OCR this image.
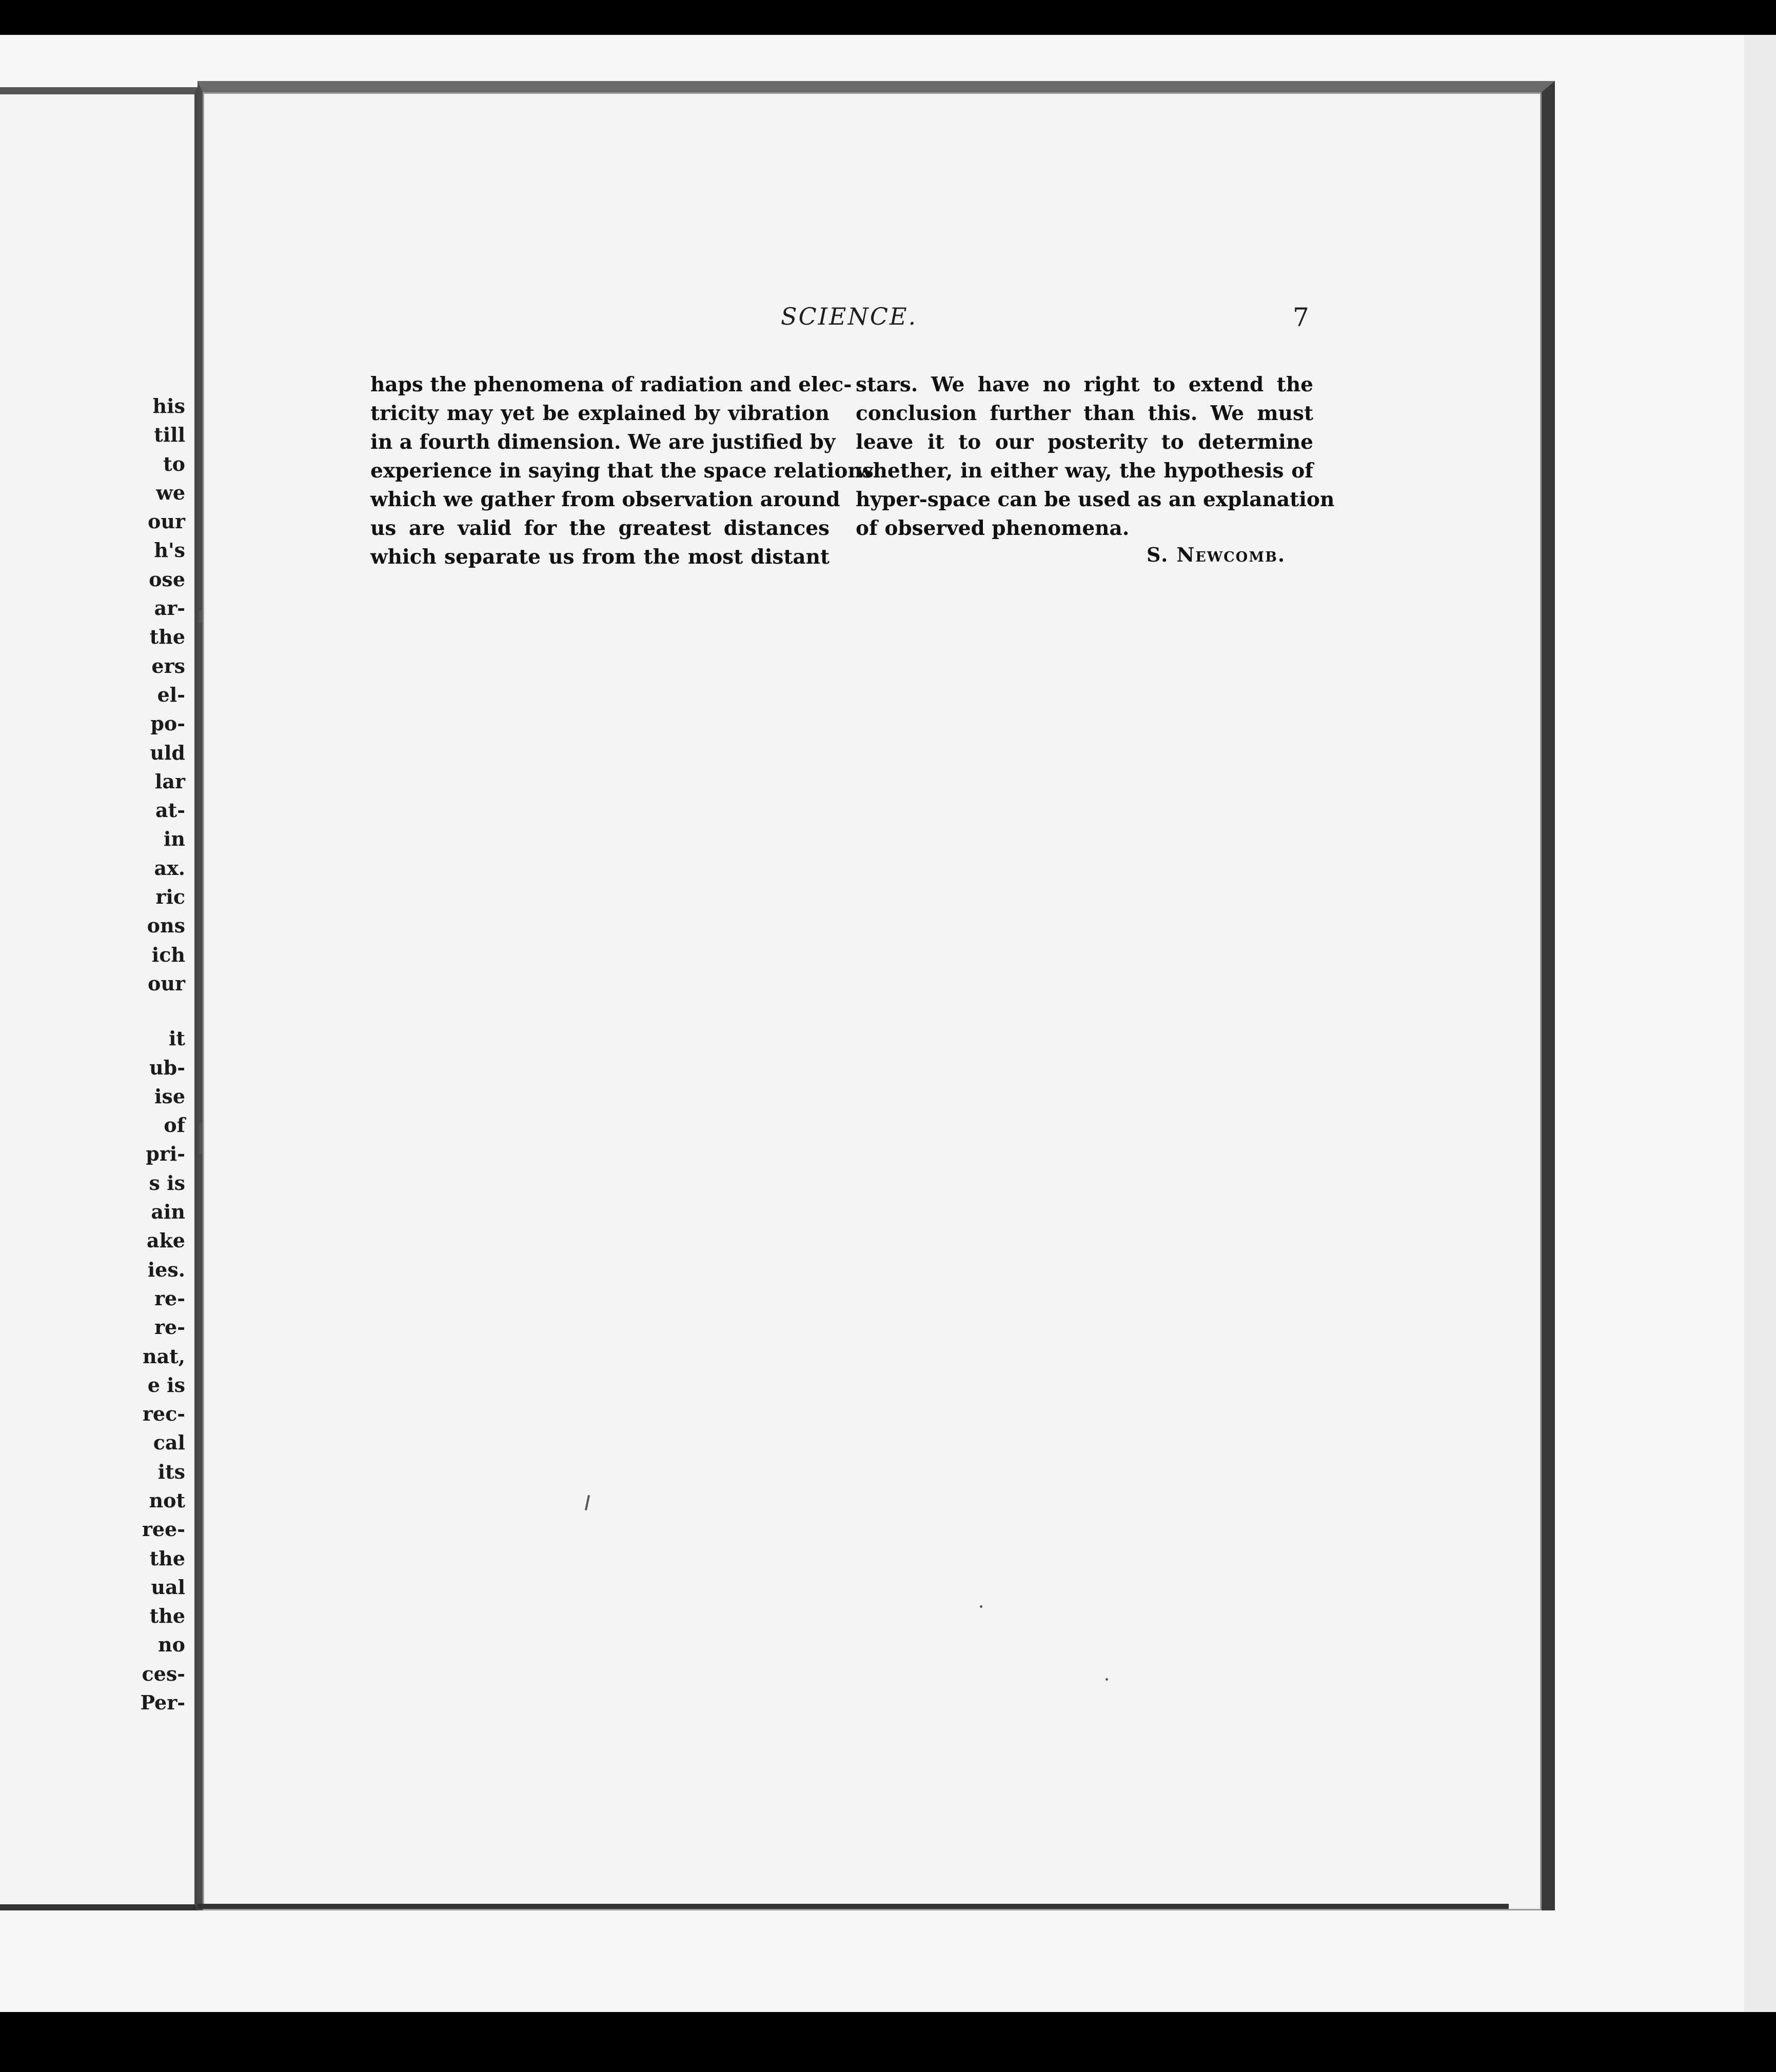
his
till
to
we
our
h's
ose
ar-
the
ers
el-
po-
uld
lar
at-
in
ax.
ric
ons
ich
our
it
ub-
ise
of
pri-
s is
ain
ake
ies.
re-
re-
nat,
e is
rec-
cal
its
not
ree-
the
ual
the
no
ces-
Per-
SCIENCE.	7
haps the phenomena of radiation and elec-
tricity may yet be explained by vibration
in a fourth dimension. We are justified by
experience in saying that the space relations
which we gather from observation around
us are valid for the greatest distances
which separate us from the most distant
stars. We have no right to extend the
conclusion further than this. We must
leave it to our posterity to determine
whether, in either way, the hypothesis of
hyper-space can be used as an explanation
of observed phenomena.
S. Newcomb.
